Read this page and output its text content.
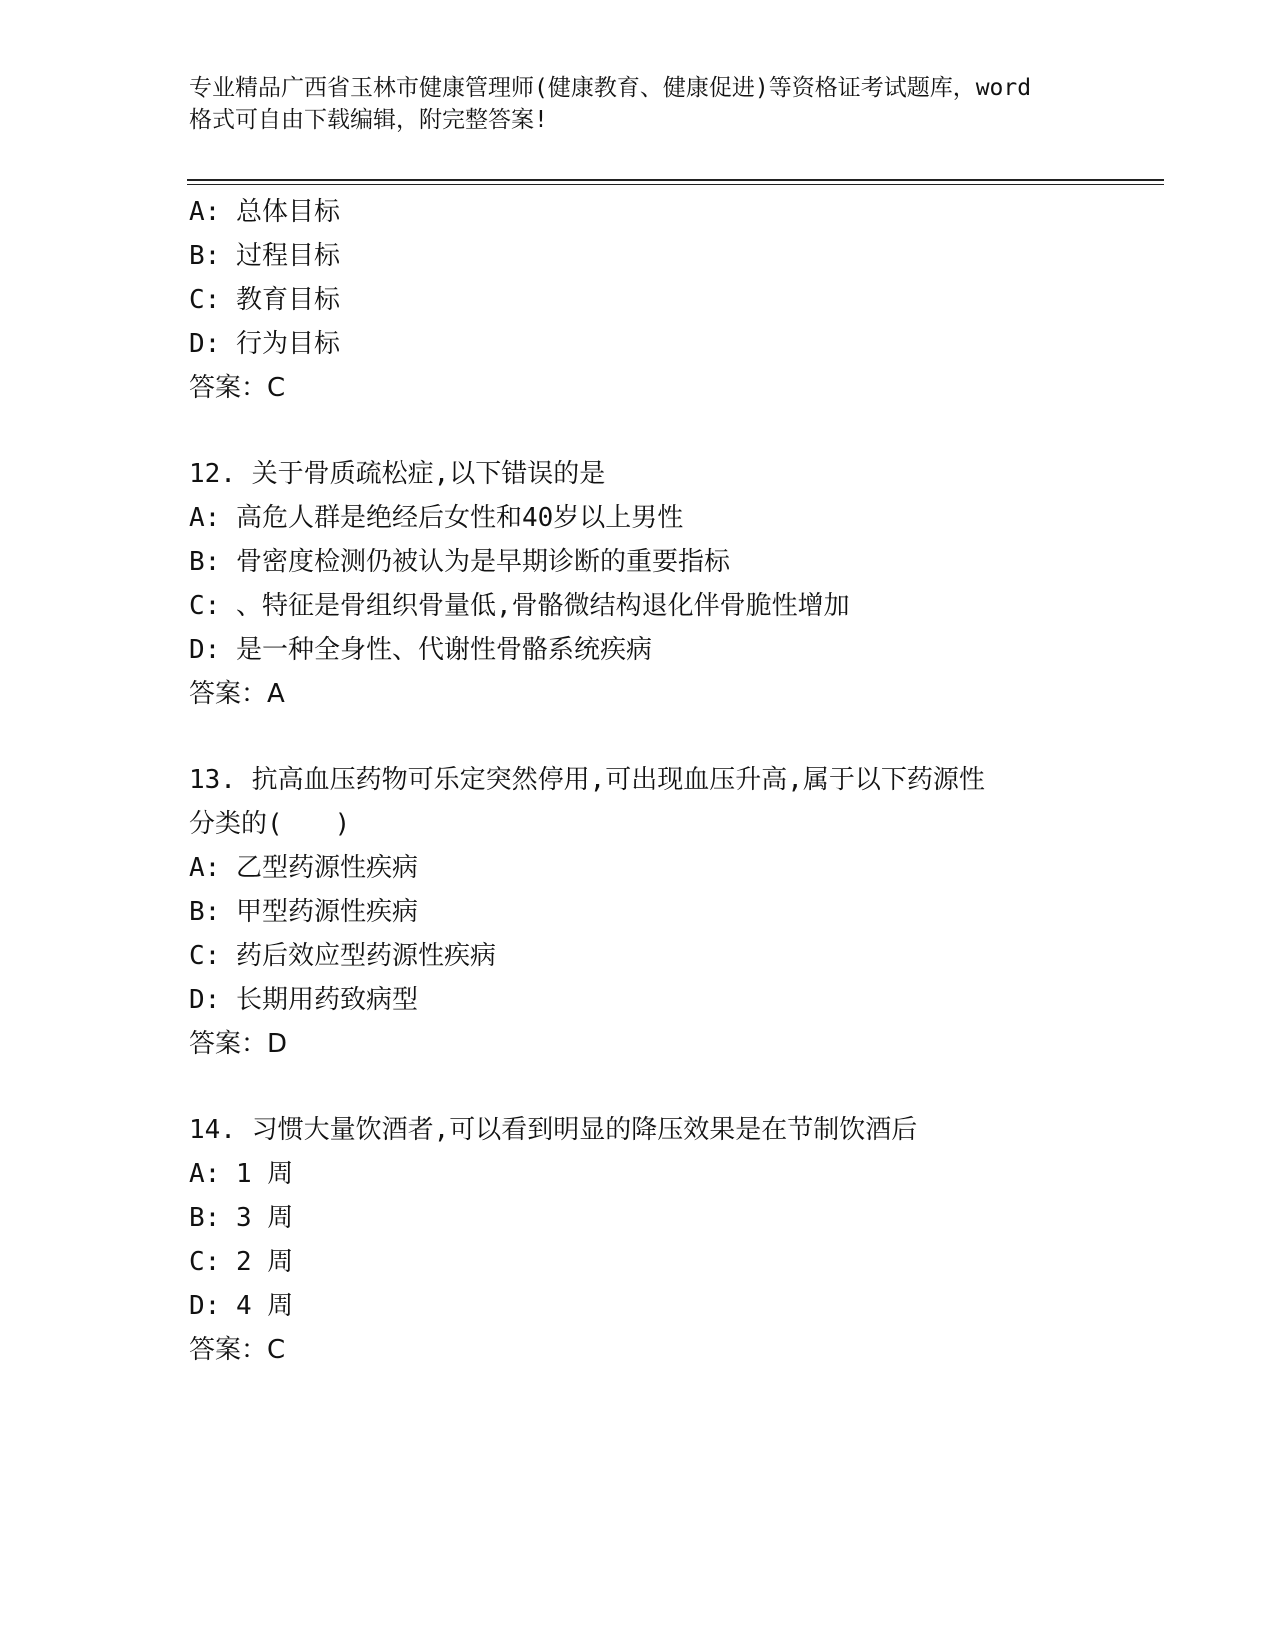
专业精品广西省玉林市健康管理师(健康教育、健康促进)等资格证考试题库，word
格式可自由下载编辑，附完整答案!
A: 总体目标
B: 过程目标
C: 教育目标
D: 行为目标
答案：C
12. 关于骨质疏松症,以下错误的是
A: 高危人群是绝经后女性和40岁以上男性
B: 骨密度检测仍被认为是早期诊断的重要指标
C: 、特征是骨组织骨量低,骨骼微结构退化伴骨脆性增加
D: 是一种全身性、代谢性骨骼系统疾病
答案：A
13. 抗高血压药物可乐定突然停用,可出现血压升高,属于以下药源性
分类的(　　)
A: 乙型药源性疾病
B: 甲型药源性疾病
C: 药后效应型药源性疾病
D: 长期用药致病型
答案：D
14. 习惯大量饮酒者,可以看到明显的降压效果是在节制饮酒后
A: 1 周
B: 3 周
C: 2 周
D: 4 周
答案：C
